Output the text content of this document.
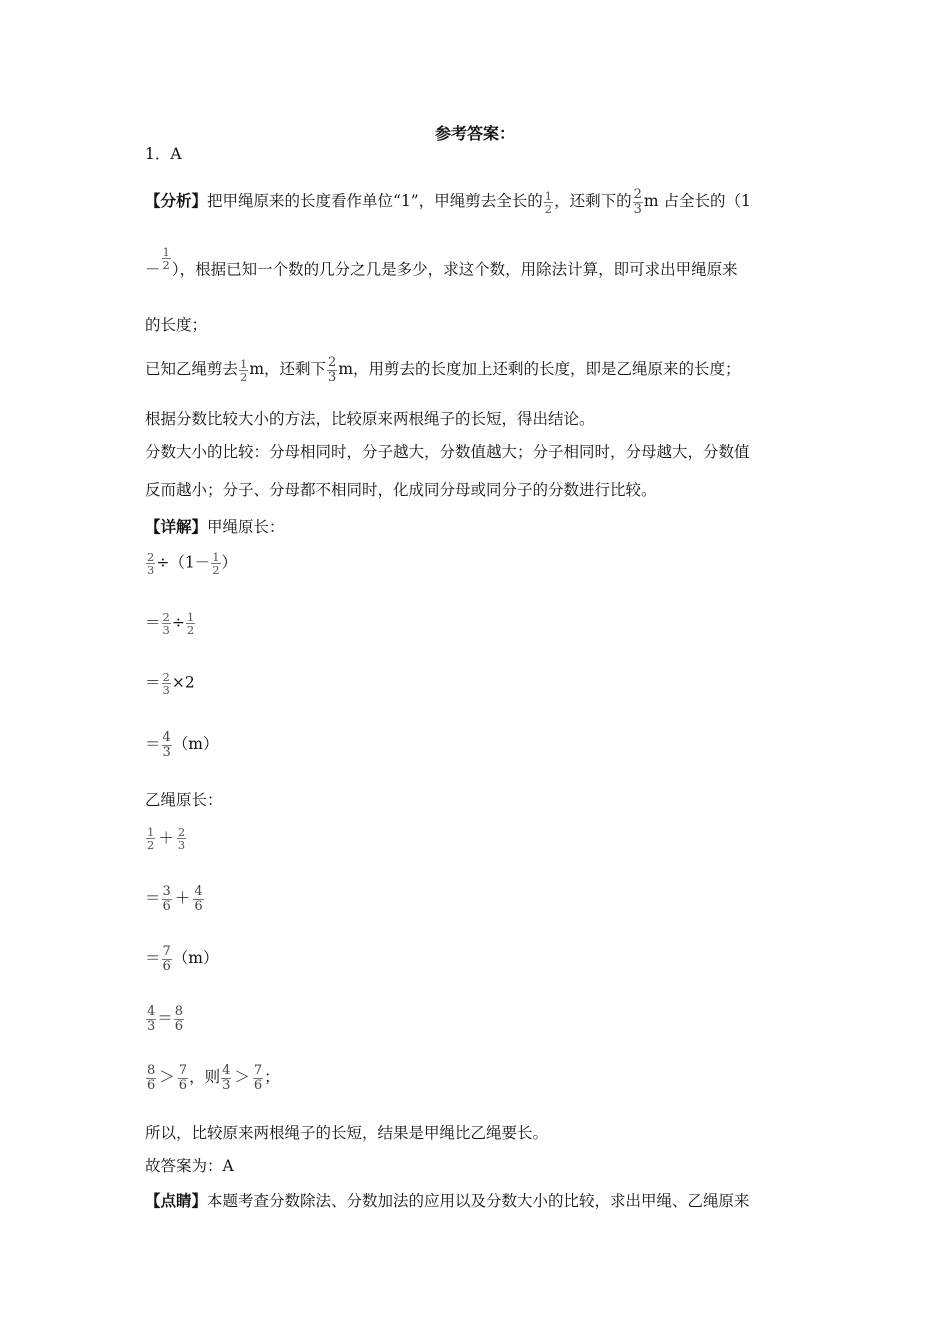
参考答案：
1．A
【分析】把甲绳原来的长度看作单位“1”，甲绳剪去全长的 $\frac{1}{2}$ ，还剩下的 $\frac{2}{3}$ m 占全长的（1
－ $\frac{1}{2}$ ），根据已知一个数的几分之几是多少，求这个数，用除法计算，即可求出甲绳原来
的长度；
已知乙绳剪去 $\frac{1}{2}$ m，还剩下 $\frac{2}{3}$ m，用剪去的长度加上还剩的长度，即是乙绳原来的长度；
根据分数比较大小的方法，比较原来两根绳子的长短，得出结论。
分数大小的比较：分母相同时，分子越大，分数值越大；分子相同时，分母越大，分数值
反而越小；分子、分母都不相同时，化成同分母或同分子的分数进行比较。
【详解】甲绳原长：
$\frac{2}{3} \div(1- \frac{1}{2}$ ）
＝ $\frac{2}{3} \div \frac{1}{2}$
＝ $\frac{2}{3} \times 2$
＝ $\frac{4}{3} (m)$
乙绳原长：
$\frac{1}{2} + \frac{2}{3}$
＝ $\frac{3}{6} + \frac{4}{6}$
＝ $\frac{7}{6} (m)$
$\frac{4}{3} = \frac{8}{6}$
$\frac{8}{6} > \frac{7}{6}$ ，则 $\frac{4}{3} > \frac{7}{6}$ ；
所以，比较原来两根绳子的长短，结果是甲绳比乙绳要长。
故答案为：A
【点睛】本题考查分数除法、分数加法的应用以及分数大小的比较，求出甲绳、乙绳原来
